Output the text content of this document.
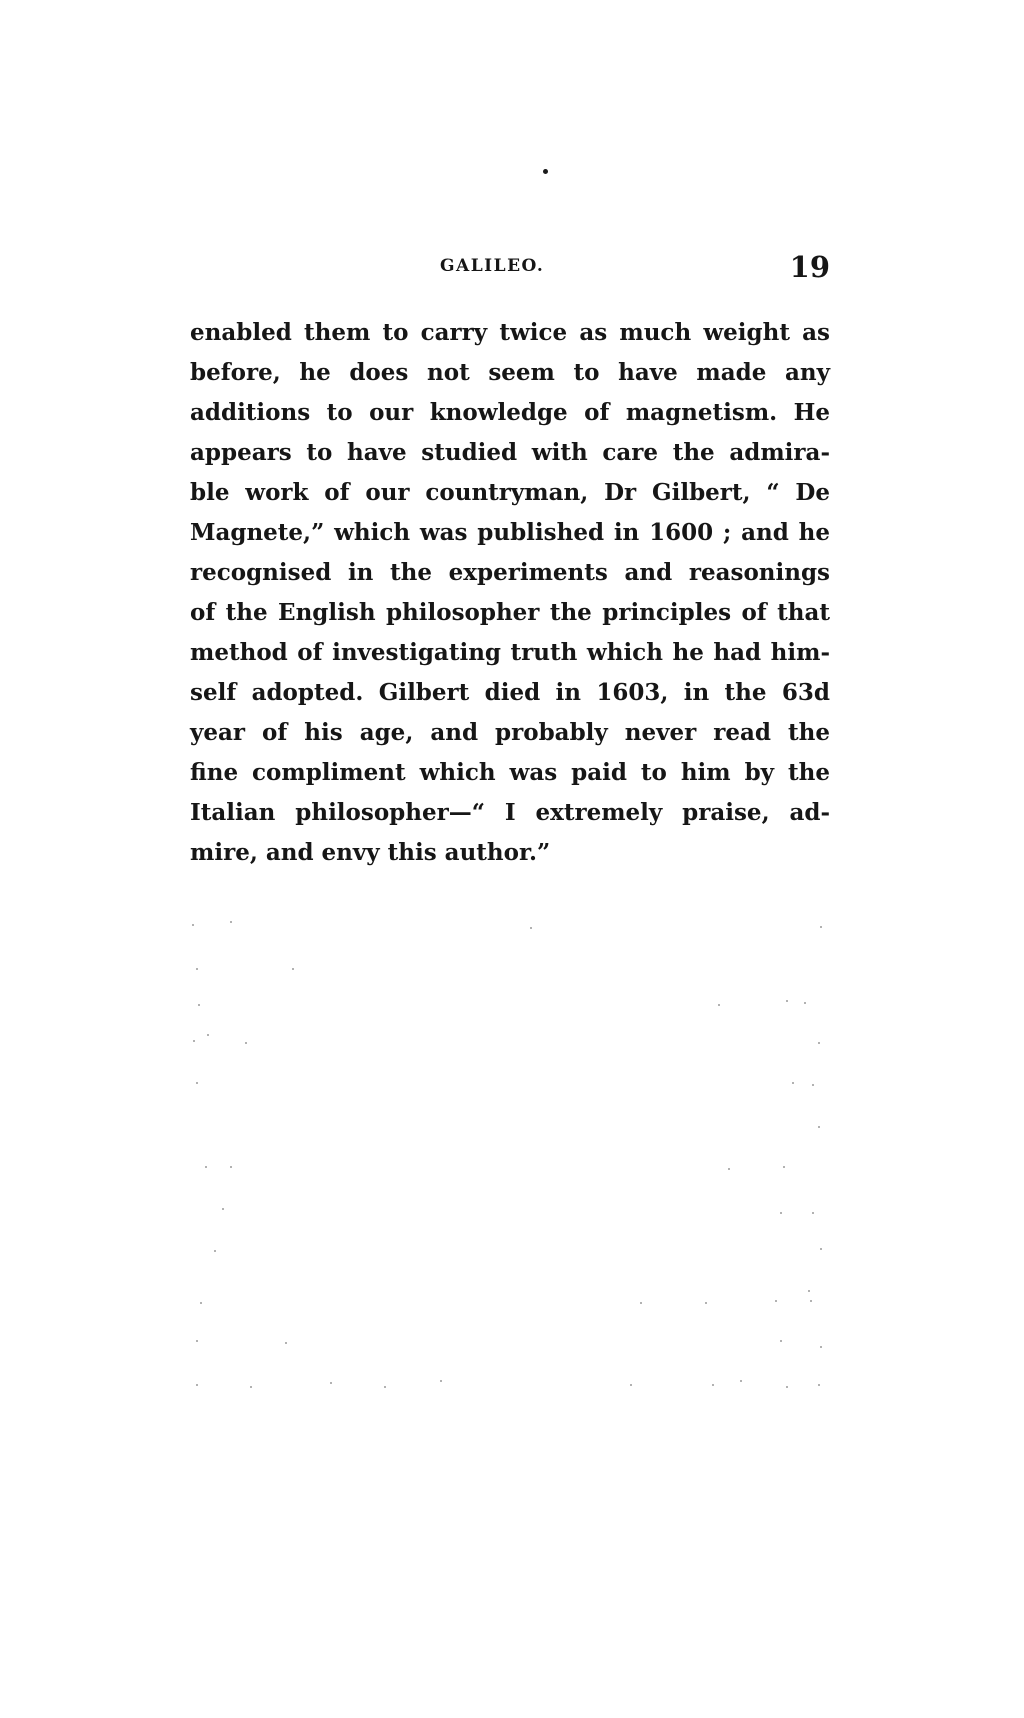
GALILEO.	19
enabled them to carry twice as much weight as
before, he does not seem to have made any
additions to our knowledge of magnetism. He
appears to have studied with care the admira-
ble work of our countryman, Dr Gilbert, “ De
Magnete,” which was published in 1600 ; and he
recognised in the experiments and reasonings
of the English philosopher the principles of that
method of investigating truth which he had him-
self adopted. Gilbert died in 1603, in the 63d
year of his age, and probably never read the
fine compliment which was paid to him by the
Italian philosopher—“ I extremely praise, ad-
mire, and envy this author.”
